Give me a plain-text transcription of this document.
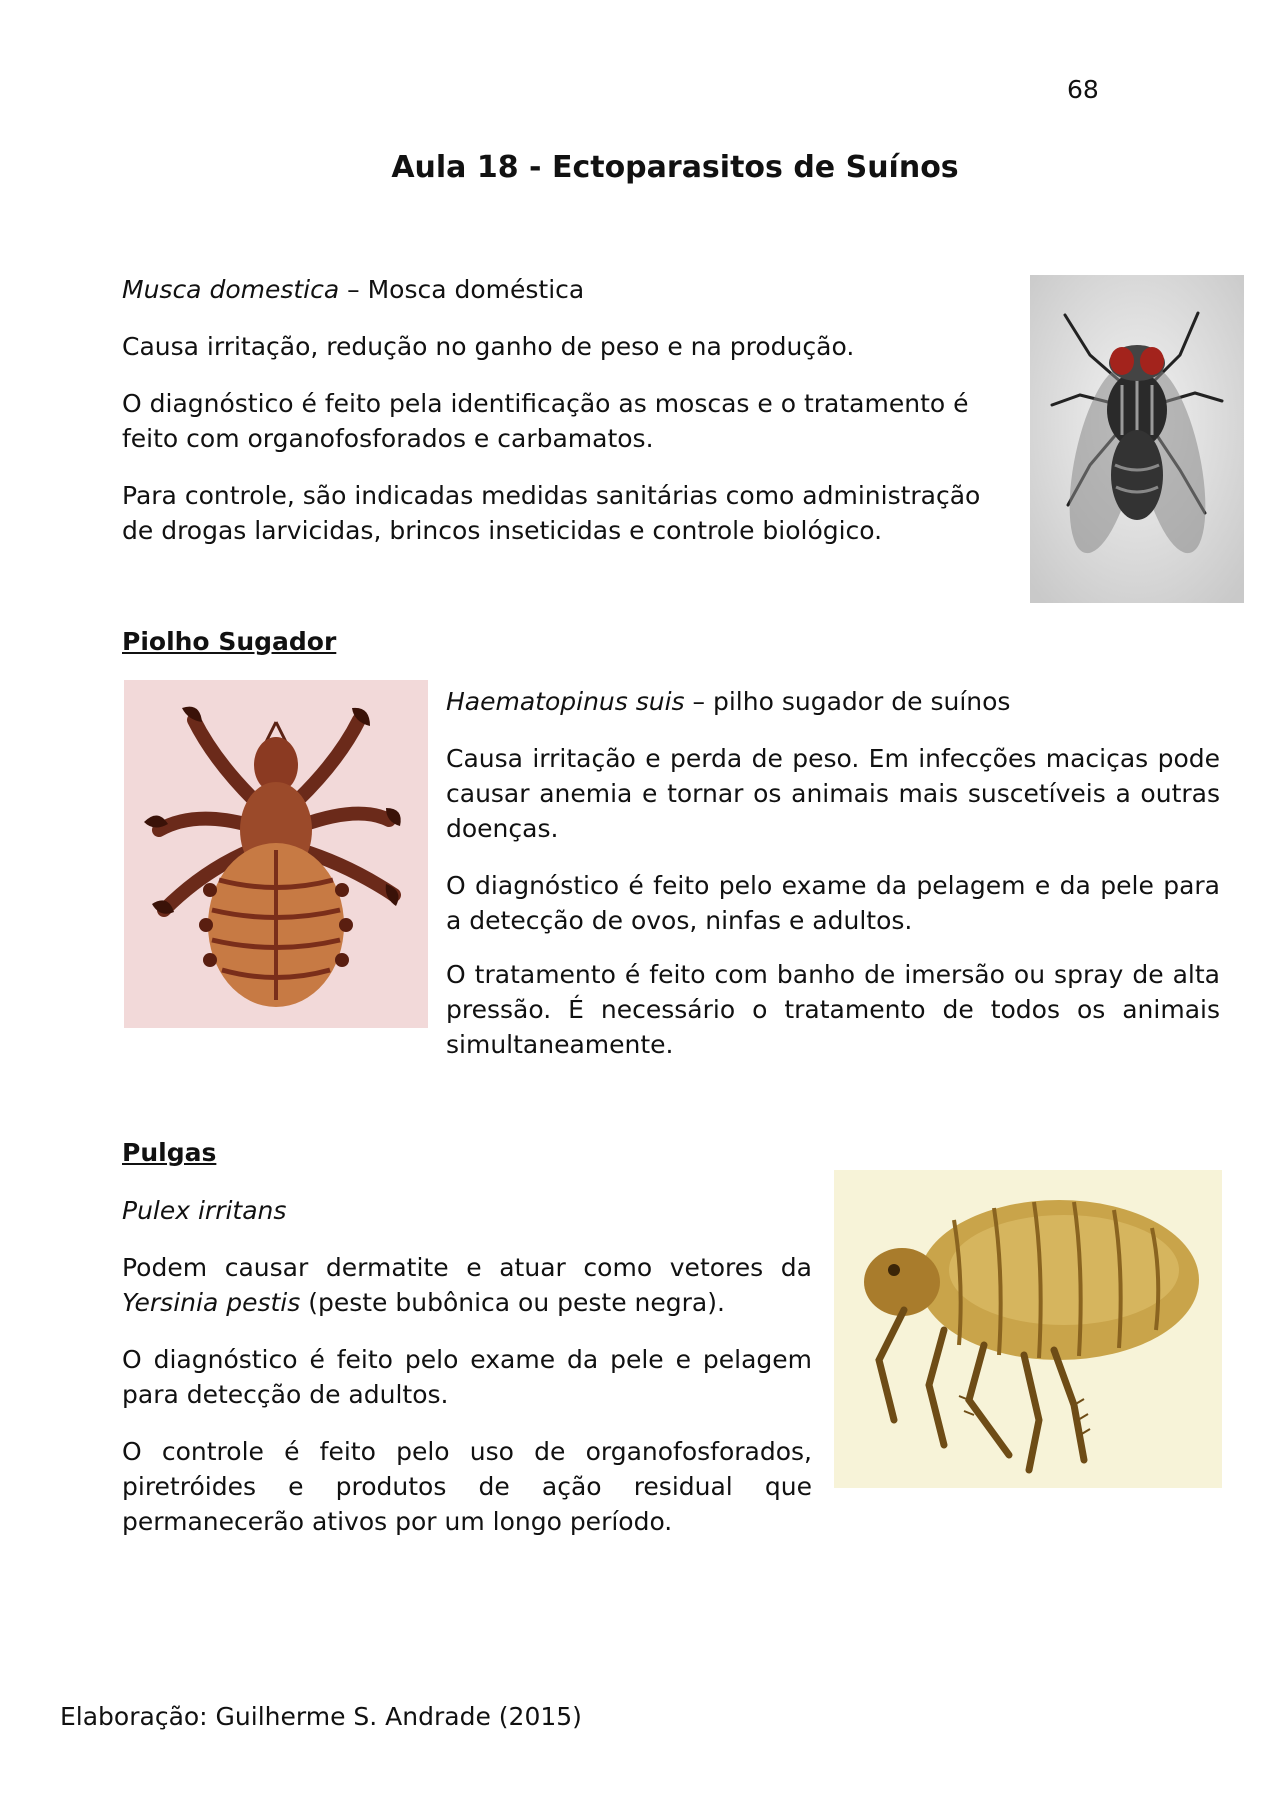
68
Aula 18 - Ectoparasitos de Suínos

Musca domestica – Mosca doméstica

Causa irritação, redução no ganho de peso e na produção.

O diagnóstico é feito pela identificação as moscas e o tratamento é feito com organofosforados e carbamatos.

Para controle, são indicadas medidas sanitárias como administração de drogas larvicidas, brincos inseticidas e controle biológico.

Piolho Sugador

Haematopinus suis – pilho sugador de suínos

Causa irritação e perda de peso. Em infecções maciças pode causar anemia e tornar os animais mais suscetíveis a outras doenças.

O diagnóstico é feito pelo exame da pelagem e da pele para a detecção de ovos, ninfas e adultos.

O tratamento é feito com banho de imersão ou spray de alta pressão. É necessário o tratamento de todos os animais simultaneamente.

Pulgas

Pulex irritans

Podem causar dermatite e atuar como vetores da Yersinia pestis (peste bubônica ou peste negra).

O diagnóstico é feito pelo exame da pele e pelagem para detecção de adultos.

O controle é feito pelo uso de organofosforados, piretróides e produtos de ação residual que permanecerão ativos por um longo período.

Elaboração: Guilherme S. Andrade (2015)
